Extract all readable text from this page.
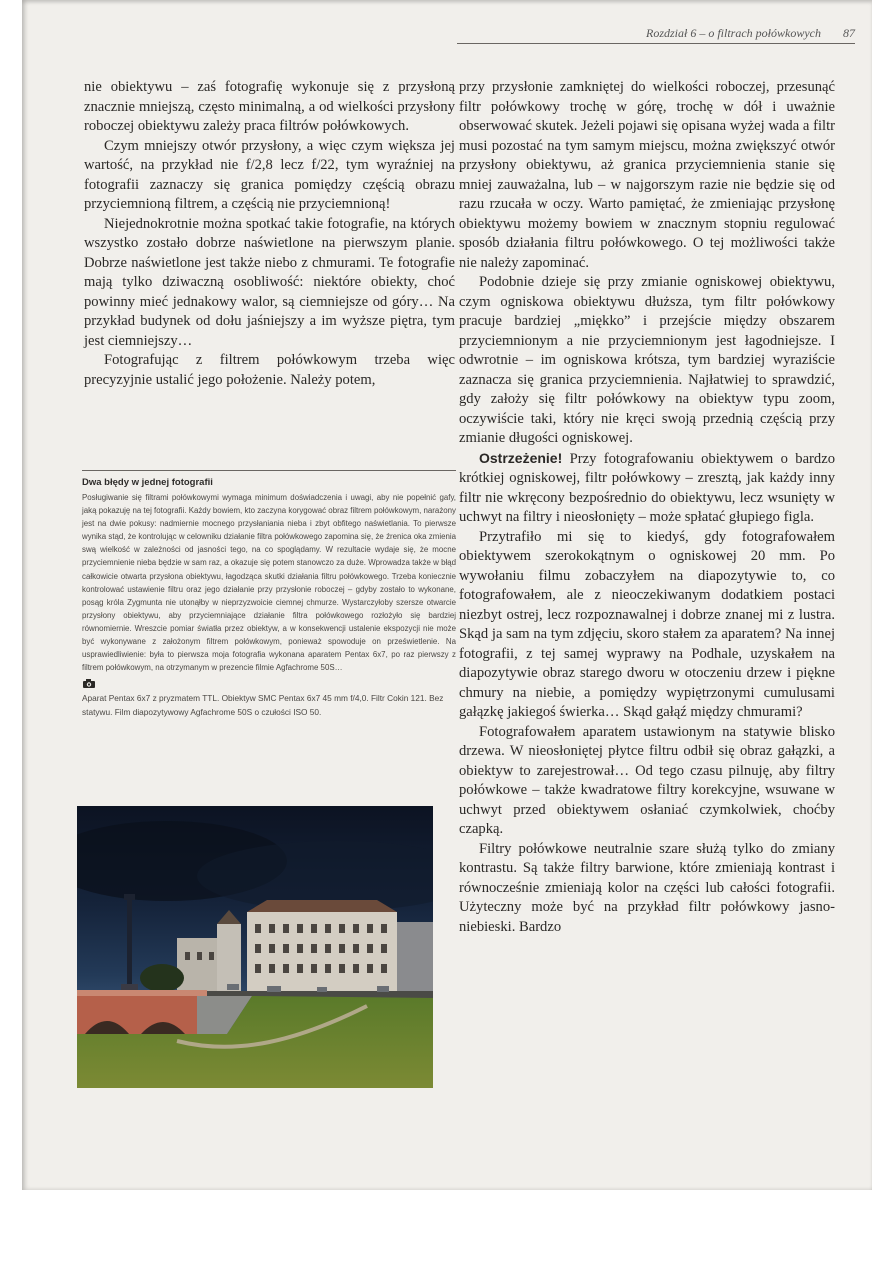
Rozdział 6 – o filtrach połówkowych 87

nie obiektywu – zaś fotografię wykonuje się z przysłoną znacznie mniejszą, często minimalną, a od wielkości przysłony roboczej obiektywu zależy praca filtrów połówkowych.

Czym mniejszy otwór przysłony, a więc czym większa jej wartość, na przykład nie f/2,8 lecz f/22, tym wyraźniej na fotografii zaznaczy się granica pomiędzy częścią obrazu przyciemnioną filtrem, a częścią nie przyciemnioną!

Niejednokrotnie można spotkać takie fotografie, na których wszystko zostało dobrze naświetlone na pierwszym planie. Dobrze naświetlone jest także niebo z chmurami. Te fotografie mają tylko dziwaczną osobliwość: niektóre obiekty, choć powinny mieć jednakowy walor, są ciemniejsze od góry… Na przykład budynek od dołu jaśniejszy a im wyższe piętra, tym jest ciemniejszy…

Fotografując z filtrem połówkowym trzeba więc precyzyjnie ustalić jego położenie. Należy potem,

Dwa błędy w jednej fotografii

Posługiwanie się filtrami połówkowymi wymaga minimum doświadczenia i uwagi, aby nie popełnić gafy, jaką pokazuję na tej fotografii. Każdy bowiem, kto zaczyna korygować obraz filtrem połówkowym, narażony jest na dwie pokusy: nadmiernie mocnego przysłaniania nieba i zbyt obfitego naświetlania. To pierwsze wynika stąd, że kontrolując w celowniku działanie filtra połówkowego zapomina się, że źrenica oka zmienia swą wielkość w zależności od jasności tego, na co spoglądamy. W rezultacie wydaje się, że mocne przyciemnienie nieba będzie w sam raz, a okazuje się potem stanowczo za duże. Wprowadza także w błąd całkowicie otwarta przysłona obiektywu, łagodząca skutki działania filtru połówkowego. Trzeba koniecznie kontrolować ustawienie filtru oraz jego działanie przy przysłonie roboczej – gdyby zostało to wykonane, posąg króla Zygmunta nie utonąłby w nieprzyzwoicie ciemnej chmurze. Wystarczyłoby szersze otwarcie przysłony obiektywu, aby przyciemniające działanie filtra połówkowego rozłożyło się bardziej równomiernie. Wreszcie pomiar światła przez obiektyw, a w konsekwencji ustalenie ekspozycji nie może być wykonywane z założonym filtrem połówkowym, ponieważ spowoduje on prześwietlenie. Na usprawiedliwienie: była to pierwsza moja fotografia wykonana aparatem Pentax 6x7, po raz pierwszy z filtrem połówkowym, na otrzymanym w prezencie filmie Agfachrome 50S…

Aparat Pentax 6x7 z pryzmatem TTL. Obiektyw SMC Pentax 6x7 45 mm f/4,0. Filtr Cokin 121. Bez statywu. Film diapozytywowy Agfachrome 50S o czułości ISO 50.

przy przysłonie zamkniętej do wielkości roboczej, przesunąć filtr połówkowy trochę w górę, trochę w dół i uważnie obserwować skutek. Jeżeli pojawi się opisana wyżej wada a filtr musi pozostać na tym samym miejscu, można zwiększyć otwór przysłony obiektywu, aż granica przyciemnienia stanie się mniej zauważalna, lub – w najgorszym razie nie będzie się od razu rzucała w oczy. Warto pamiętać, że zmieniając przysłonę obiektywu możemy bowiem w znacznym stopniu regulować sposób działania filtru połówkowego. O tej możliwości także nie należy zapominać.

Podobnie dzieje się przy zmianie ogniskowej obiektywu, czym ogniskowa obiektywu dłuższa, tym filtr połówkowy pracuje bardziej „miękko” i przejście między obszarem przyciemnionym a nie przyciemnionym jest łagodniejsze. I odwrotnie – im ogniskowa krótsza, tym bardziej wyraziście zaznacza się granica przyciemnienia. Najłatwiej to sprawdzić, gdy założy się filtr połówkowy na obiektyw typu zoom, oczywiście taki, który nie kręci swoją przednią częścią przy zmianie długości ogniskowej.

Ostrzeżenie! Przy fotografowaniu obiektywem o bardzo krótkiej ogniskowej, filtr połówkowy – zresztą, jak każdy inny filtr nie wkręcony bezpośrednio do obiektywu, lecz wsunięty w uchwyt na filtry i nieosłonięty – może spłatać głupiego figla.

Przytrafiło mi się to kiedyś, gdy fotografowałem obiektywem szerokokątnym o ogniskowej 20 mm. Po wywołaniu filmu zobaczyłem na diapozytywie to, co fotografowałem, ale z nieoczekiwanym dodatkiem postaci niezbyt ostrej, lecz rozpoznawalnej i dobrze znanej mi z lustra. Skąd ja sam na tym zdjęciu, skoro stałem za aparatem? Na innej fotografii, z tej samej wyprawy na Podhale, uzyskałem na diapozytywie obraz starego dworu w otoczeniu drzew i piękne chmury na niebie, a pomiędzy wypiętrzonymi cumulusami gałązkę jakiegoś świerka… Skąd gałąź między chmurami?

Fotografowałem aparatem ustawionym na statywie blisko drzewa. W nieosłoniętej płytce filtru odbił się obraz gałązki, a obiektyw to zarejestrował… Od tego czasu pilnuję, aby filtry połówkowe – także kwadratowe filtry korekcyjne, wsuwane w uchwyt przed obiektywem osłaniać czymkolwiek, choćby czapką.

Filtry połówkowe neutralnie szare służą tylko do zmiany kontrastu. Są także filtry barwione, które zmieniają kontrast i równocześnie zmieniają kolor na części lub całości fotografii. Użyteczny może być na przykład filtr połówkowy jasno-niebieski. Bardzo
